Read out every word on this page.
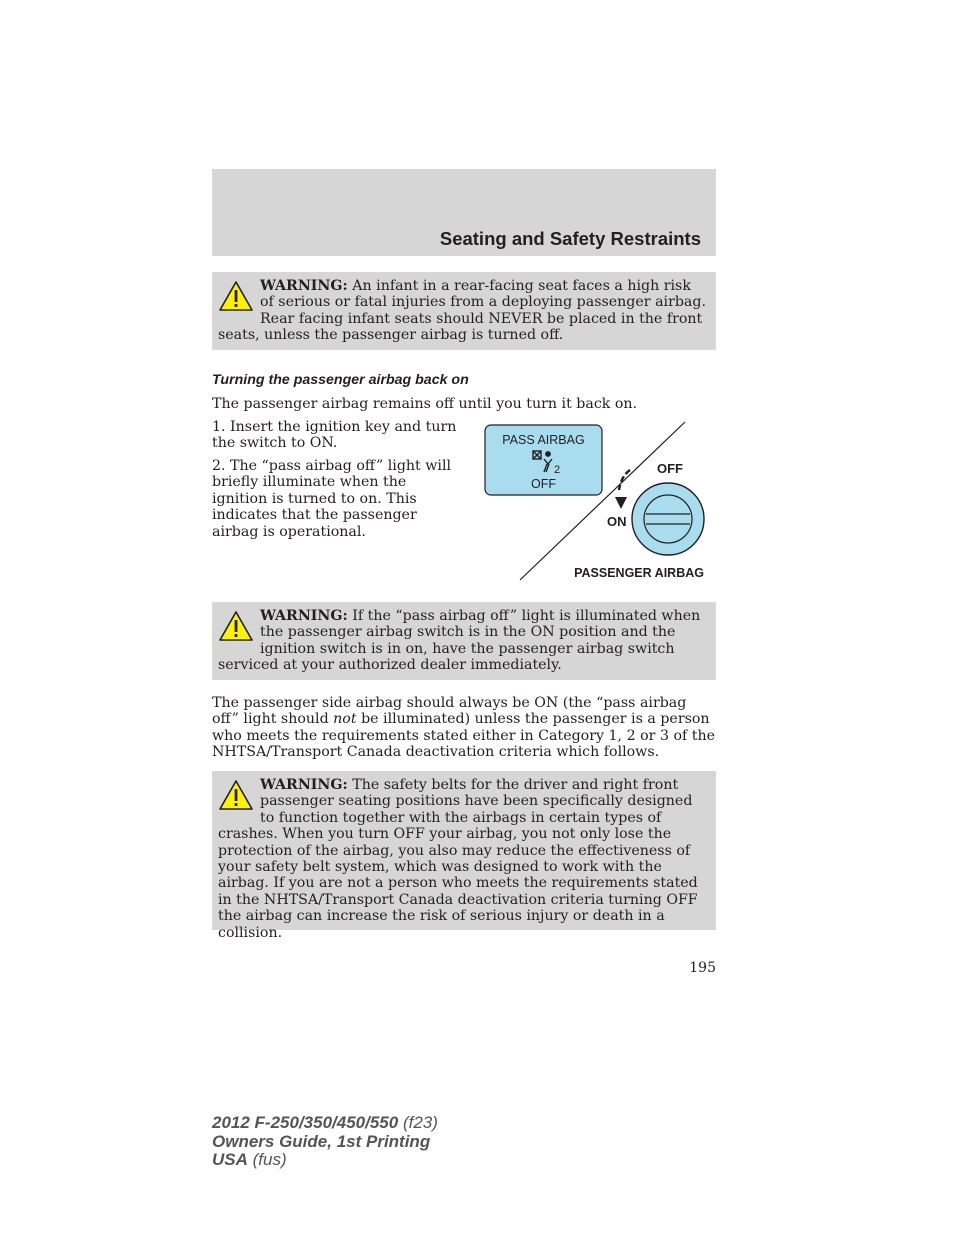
Seating and Safety Restraints
WARNING: An infant in a rear-facing seat faces a high risk of serious or fatal injuries from a deploying passenger airbag. Rear facing infant seats should NEVER be placed in the front seats, unless the passenger airbag is turned off.
Turning the passenger airbag back on
The passenger airbag remains off until you turn it back on.
1. Insert the ignition key and turn the switch to ON.
2. The “pass airbag off” light will briefly illuminate when the ignition is turned to on. This indicates that the passenger airbag is operational.
PASS AIRBAG
2
OFF
OFF
ON
PASSENGER AIRBAG
WARNING: If the “pass airbag off” light is illuminated when the passenger airbag switch is in the ON position and the ignition switch is in on, have the passenger airbag switch serviced at your authorized dealer immediately.
The passenger side airbag should always be ON (the “pass airbag off” light should not be illuminated) unless the passenger is a person who meets the requirements stated either in Category 1, 2 or 3 of the NHTSA/Transport Canada deactivation criteria which follows.
WARNING: The safety belts for the driver and right front passenger seating positions have been specifically designed to function together with the airbags in certain types of crashes. When you turn OFF your airbag, you not only lose the protection of the airbag, you also may reduce the effectiveness of your safety belt system, which was designed to work with the airbag. If you are not a person who meets the requirements stated in the NHTSA/Transport Canada deactivation criteria turning OFF the airbag can increase the risk of serious injury or death in a collision.
195
2012 F-250/350/450/550 (f23)
Owners Guide, 1st Printing
USA (fus)
